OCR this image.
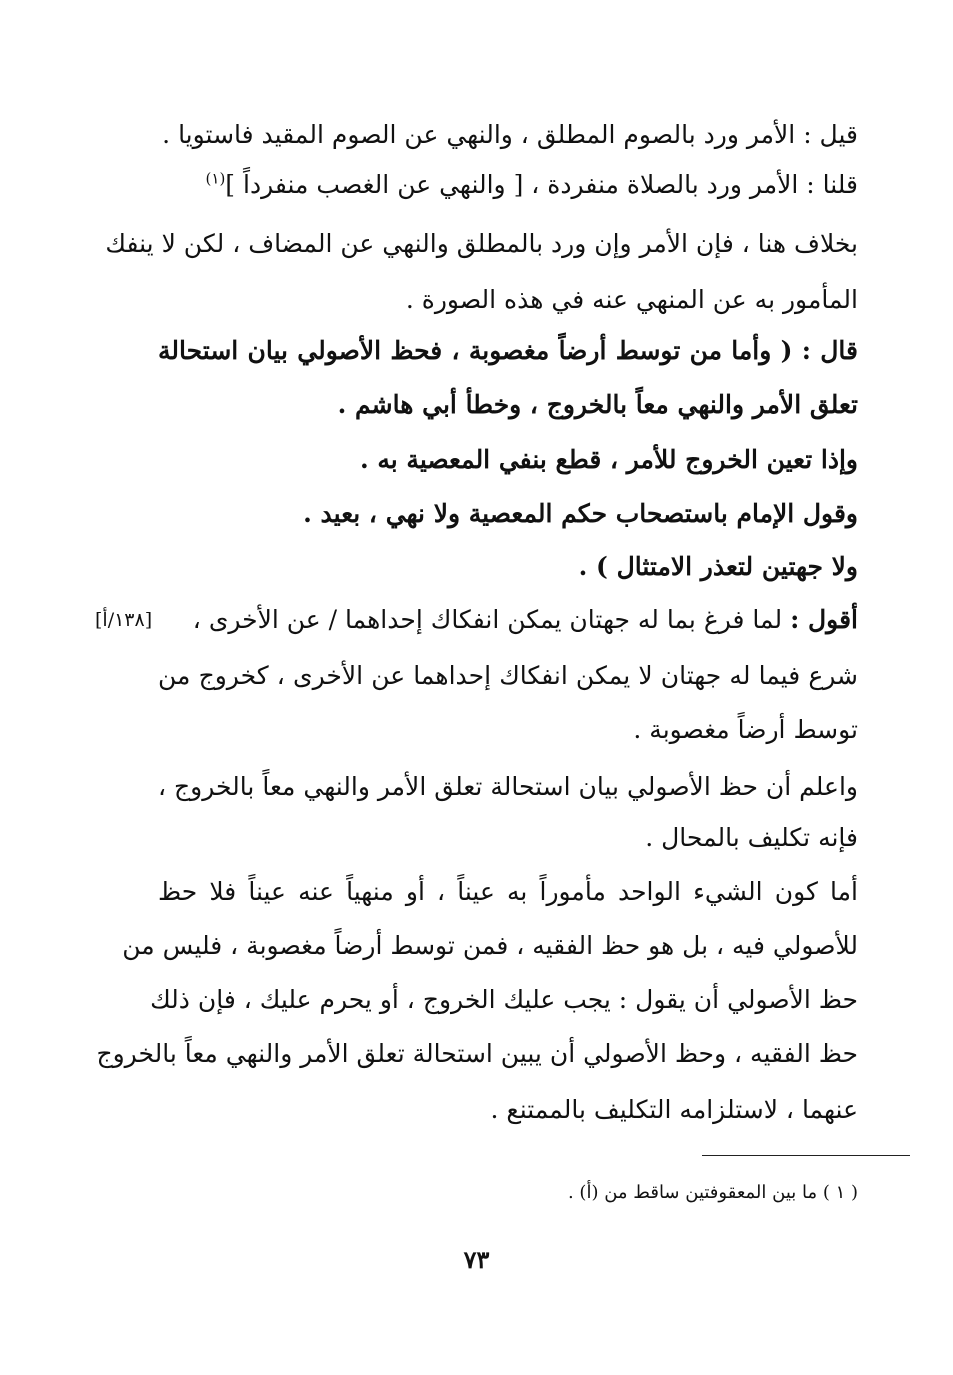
قيل : الأمر ورد بالصوم المطلق ، والنهي عن الصوم المقيد فاستويا .
قلنا : الأمر ورد بالصلاة منفردة ، [ والنهي عن الغصب منفرداً ]$^{(١)}$
بخلاف هنا ، فإن الأمر وإن ورد بالمطلق والنهي عن المضاف ، لكن لا ينفك
المأمور به عن المنهي عنه في هذه الصورة .
قال : ( وأما من توسط أرضاً مغصوبة ، فحظ الأصولي بيان استحالة
تعلق الأمر والنهي معاً بالخروج ، وخطأ أبي هاشم .
وإذا تعين الخروج للأمر ، قطع بنفي المعصية به .
وقول الإمام باستصحاب حكم المعصية ولا نهي ، بعيد .
ولا جهتين لتعذر الامتثال ) .
أقول : لما فرغ بما له جهتان يمكن انفكاك إحداهما / عن الأخرى ،
[١٣٨/أ]
شرع فيما له جهتان لا يمكن انفكاك إحداهما عن الأخرى ، كخروج من
توسط أرضاً مغصوبة .
واعلم أن حظ الأصولي بيان استحالة تعلق الأمر والنهي معاً بالخروج ،
فإنه تكليف بالمحال .
أما كون الشيء الواحد مأموراً به عيناً ، أو منهياً عنه عيناً فلا حظ
للأصولي فيه ، بل هو حظ الفقيه ، فمن توسط أرضاً مغصوبة ، فليس من
حظ الأصولي أن يقول : يجب عليك الخروج ، أو يحرم عليك ، فإن ذلك
حظ الفقيه ، وحظ الأصولي أن يبين استحالة تعلق الأمر والنهي معاً بالخروج
عنهما ، لاستلزامه التكليف بالممتنع .
( ١ ) ما بين المعقوفتين ساقط من (أ) .
٧٣
